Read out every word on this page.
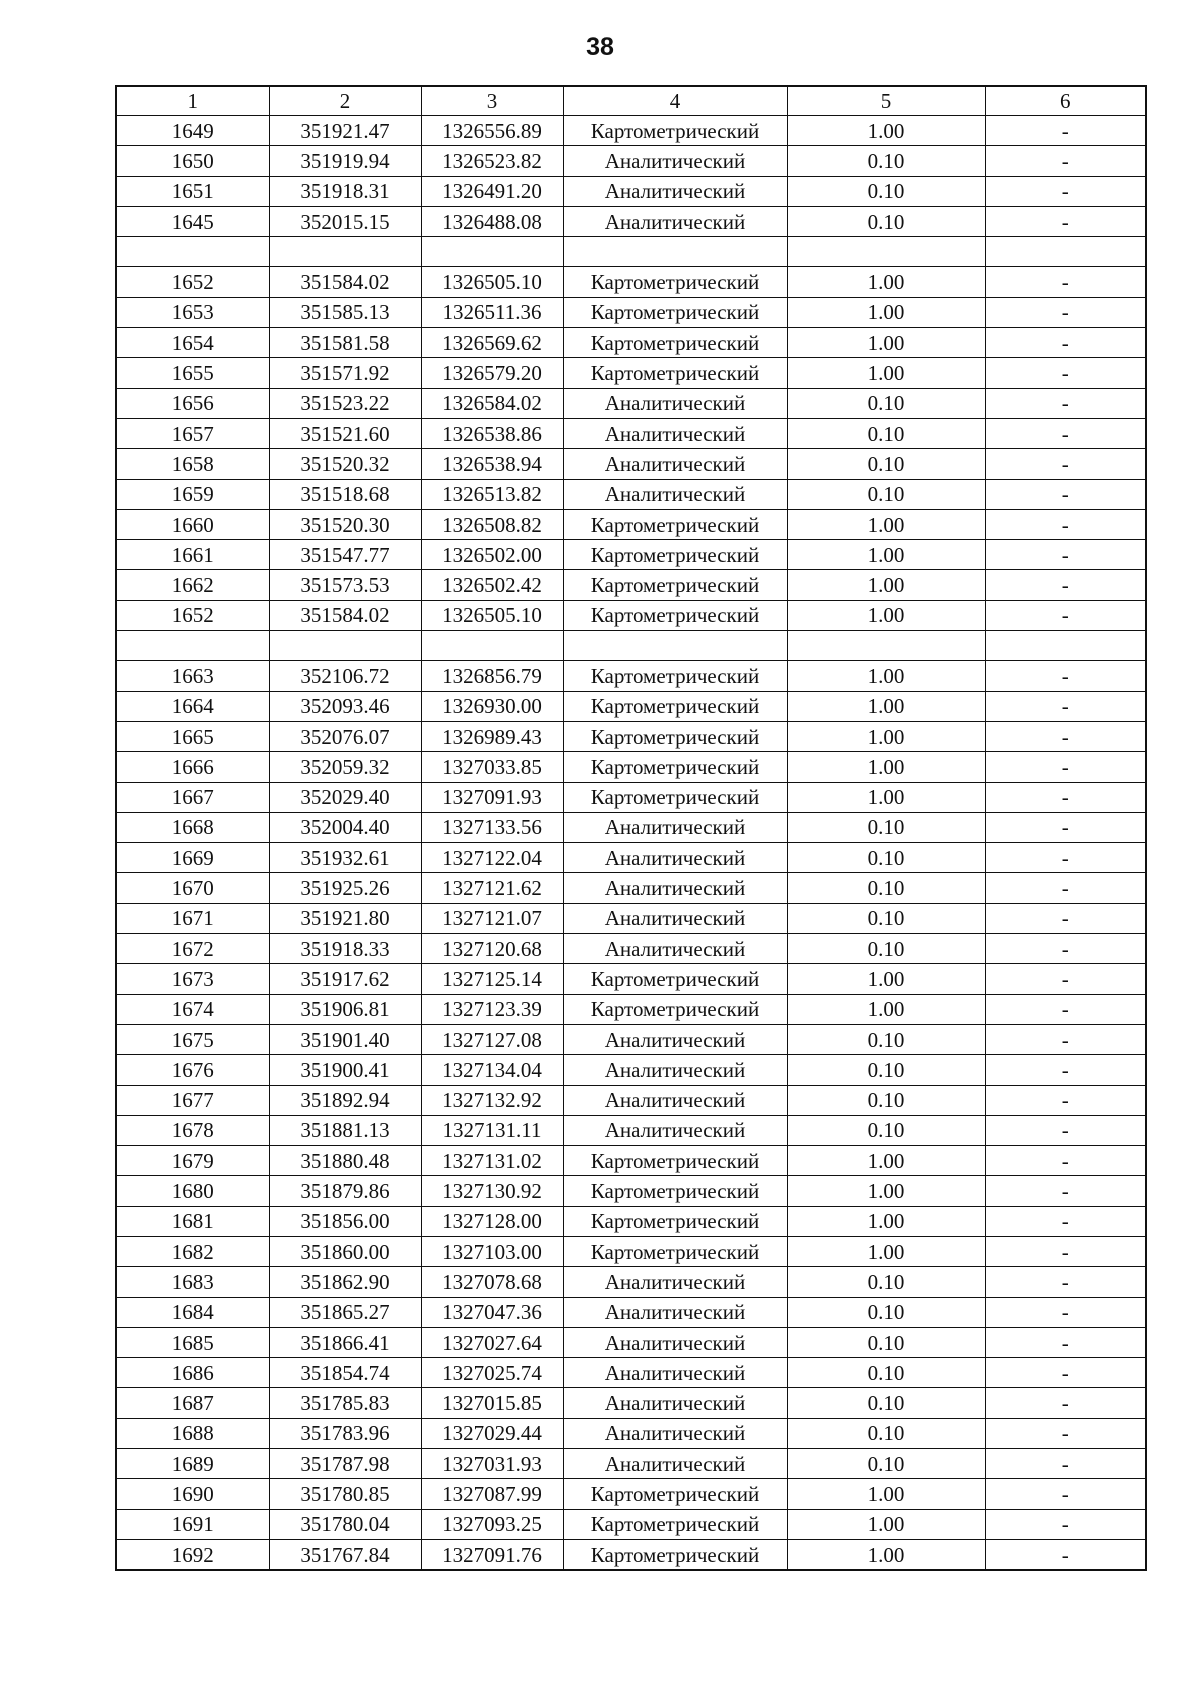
38
1	2	3	4	5	6
1649	351921.47	1326556.89	Картометрический	1.00	-
1650	351919.94	1326523.82	Аналитический	0.10	-
1651	351918.31	1326491.20	Аналитический	0.10	-
1645	352015.15	1326488.08	Аналитический	0.10	-

1652	351584.02	1326505.10	Картометрический	1.00	-
1653	351585.13	1326511.36	Картометрический	1.00	-
1654	351581.58	1326569.62	Картометрический	1.00	-
1655	351571.92	1326579.20	Картометрический	1.00	-
1656	351523.22	1326584.02	Аналитический	0.10	-
1657	351521.60	1326538.86	Аналитический	0.10	-
1658	351520.32	1326538.94	Аналитический	0.10	-
1659	351518.68	1326513.82	Аналитический	0.10	-
1660	351520.30	1326508.82	Картометрический	1.00	-
1661	351547.77	1326502.00	Картометрический	1.00	-
1662	351573.53	1326502.42	Картометрический	1.00	-
1652	351584.02	1326505.10	Картометрический	1.00	-

1663	352106.72	1326856.79	Картометрический	1.00	-
1664	352093.46	1326930.00	Картометрический	1.00	-
1665	352076.07	1326989.43	Картометрический	1.00	-
1666	352059.32	1327033.85	Картометрический	1.00	-
1667	352029.40	1327091.93	Картометрический	1.00	-
1668	352004.40	1327133.56	Аналитический	0.10	-
1669	351932.61	1327122.04	Аналитический	0.10	-
1670	351925.26	1327121.62	Аналитический	0.10	-
1671	351921.80	1327121.07	Аналитический	0.10	-
1672	351918.33	1327120.68	Аналитический	0.10	-
1673	351917.62	1327125.14	Картометрический	1.00	-
1674	351906.81	1327123.39	Картометрический	1.00	-
1675	351901.40	1327127.08	Аналитический	0.10	-
1676	351900.41	1327134.04	Аналитический	0.10	-
1677	351892.94	1327132.92	Аналитический	0.10	-
1678	351881.13	1327131.11	Аналитический	0.10	-
1679	351880.48	1327131.02	Картометрический	1.00	-
1680	351879.86	1327130.92	Картометрический	1.00	-
1681	351856.00	1327128.00	Картометрический	1.00	-
1682	351860.00	1327103.00	Картометрический	1.00	-
1683	351862.90	1327078.68	Аналитический	0.10	-
1684	351865.27	1327047.36	Аналитический	0.10	-
1685	351866.41	1327027.64	Аналитический	0.10	-
1686	351854.74	1327025.74	Аналитический	0.10	-
1687	351785.83	1327015.85	Аналитический	0.10	-
1688	351783.96	1327029.44	Аналитический	0.10	-
1689	351787.98	1327031.93	Аналитический	0.10	-
1690	351780.85	1327087.99	Картометрический	1.00	-
1691	351780.04	1327093.25	Картометрический	1.00	-
1692	351767.84	1327091.76	Картометрический	1.00	-
